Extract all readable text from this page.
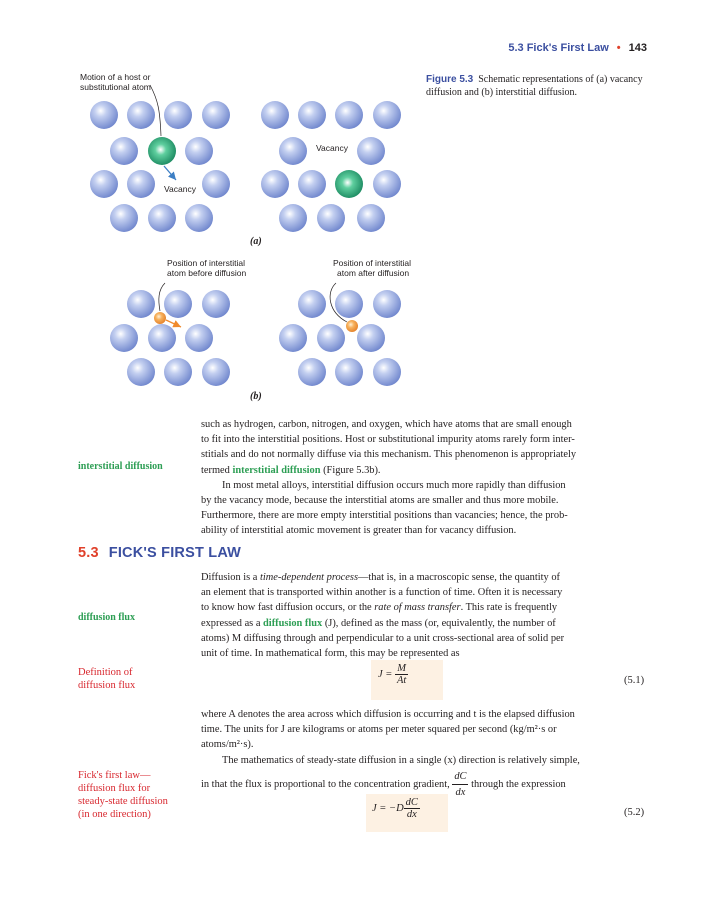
5.3 Fick's First Law • 143
Motion of a host or
substitutional atom
Vacancy
Vacancy
(a)
Position of interstitial
atom before diffusion
Position of interstitial
atom after diffusion
(b)
Figure 5.3 Schematic representations of (a) vacancy diffusion and (b) interstitial diffusion.
interstitial diffusion
such as hydrogen, carbon, nitrogen, and oxygen, which have atoms that are small enough
to fit into the interstitial positions. Host or substitutional impurity atoms rarely form inter-
stitials and do not normally diffuse via this mechanism. This phenomenon is appropriately
termed interstitial diffusion (Figure 5.3b).
In most metal alloys, interstitial diffusion occurs much more rapidly than diffusion
by the vacancy mode, because the interstitial atoms are smaller and thus more mobile.
Furthermore, there are more empty interstitial positions than vacancies; hence, the prob-
ability of interstitial atomic movement is greater than for vacancy diffusion.
5.3 FICK'S FIRST LAW
diffusion flux
Diffusion is a time-dependent process—that is, in a macroscopic sense, the quantity of
an element that is transported within another is a function of time. Often it is necessary
to know how fast diffusion occurs, or the rate of mass transfer. This rate is frequently
expressed as a diffusion flux (J), defined as the mass (or, equivalently, the number of
atoms) M diffusing through and perpendicular to a unit cross-sectional area of solid per
unit of time. In mathematical form, this may be represented as
Definition of
diffusion flux
$J = \frac{M}{At}$	(5.1)
where A denotes the area across which diffusion is occurring and t is the elapsed diffusion
time. The units for J are kilograms or atoms per meter squared per second (kg/m²·s or
atoms/m²·s).
The mathematics of steady-state diffusion in a single (x) direction is relatively simple,
in that the flux is proportional to the concentration gradient, $\frac{dC}{dx}$ through the expression
Fick's first law—
diffusion flux for
steady-state diffusion
(in one direction)
$J = -D \frac{dC}{dx}$	(5.2)
